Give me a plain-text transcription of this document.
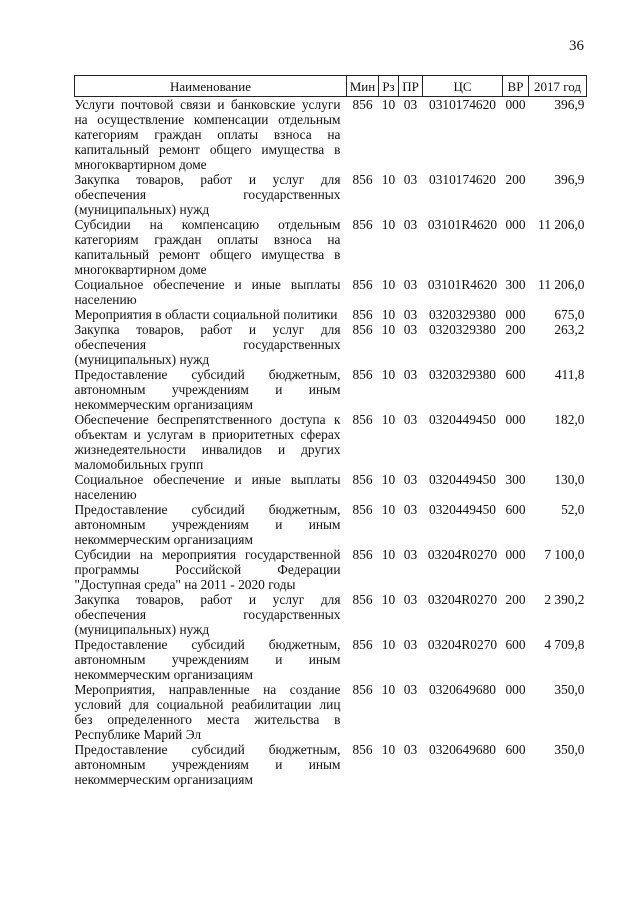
36
Наименование	Мин	Рз	ПР	ЦС	ВР	2017 год
Услуги почтовой связи и банковские услуги на осуществление компенсации отдельным категориям граждан оплаты взноса на капитальный ремонт общего имущества в многоквартирном доме	856	10	03	0310174620	000	396,9
Закупка товаров, работ и услуг для обеспечения государственных (муниципальных) нужд	856	10	03	0310174620	200	396,9
Субсидии на компенсацию отдельным категориям граждан оплаты взноса на капитальный ремонт общего имущества в многоквартирном доме	856	10	03	03101R4620	000	11 206,0
Социальное обеспечение и иные выплаты населению	856	10	03	03101R4620	300	11 206,0
Мероприятия в области социальной политики	856	10	03	0320329380	000	675,0
Закупка товаров, работ и услуг для обеспечения государственных (муниципальных) нужд	856	10	03	0320329380	200	263,2
Предоставление субсидий бюджетным, автономным учреждениям и иным некоммерческим организациям	856	10	03	0320329380	600	411,8
Обеспечение беспрепятственного доступа к объектам и услугам в приоритетных сферах жизнедеятельности инвалидов и других маломобильных групп	856	10	03	0320449450	000	182,0
Социальное обеспечение и иные выплаты населению	856	10	03	0320449450	300	130,0
Предоставление субсидий бюджетным, автономным учреждениям и иным некоммерческим организациям	856	10	03	0320449450	600	52,0
Субсидии на мероприятия государственной программы Российской Федерации "Доступная среда" на 2011 - 2020 годы	856	10	03	03204R0270	000	7 100,0
Закупка товаров, работ и услуг для обеспечения государственных (муниципальных) нужд	856	10	03	03204R0270	200	2 390,2
Предоставление субсидий бюджетным, автономным учреждениям и иным некоммерческим организациям	856	10	03	03204R0270	600	4 709,8
Мероприятия, направленные на создание условий для социальной реабилитации лиц без определенного места жительства в Республике Марий Эл	856	10	03	0320649680	000	350,0
Предоставление субсидий бюджетным, автономным учреждениям и иным некоммерческим организациям	856	10	03	0320649680	600	350,0
